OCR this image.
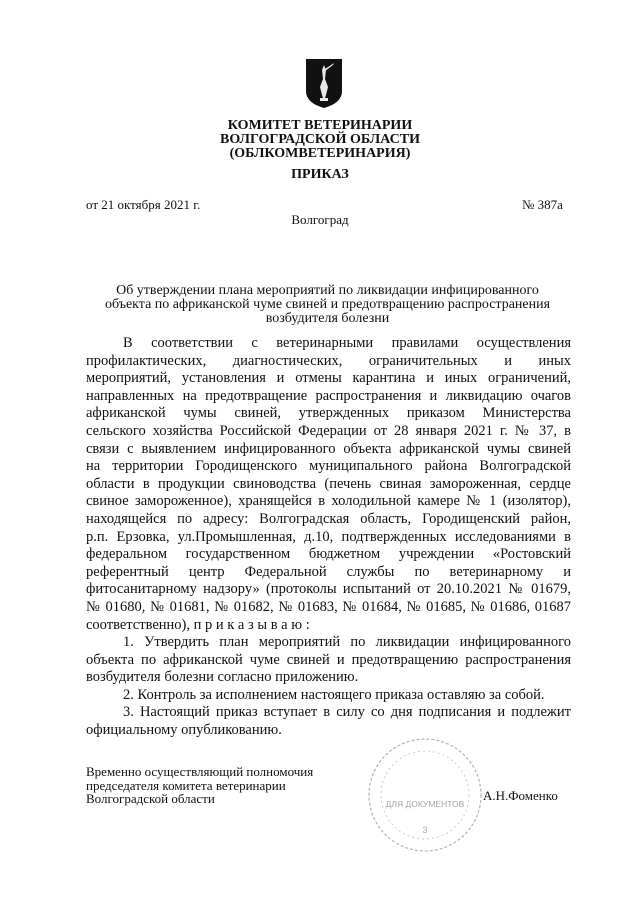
КОМИТЕТ ВЕТЕРИНАРИИ
ВОЛГОГРАДСКОЙ ОБЛАСТИ
(ОБЛКОМВЕТЕРИНАРИЯ)
ПРИКАЗ
от 21 октября 2021 г.	№ 387а
Волгоград
Об утверждении плана мероприятий по ликвидации инфицированного
объекта по африканской чуме свиней и предотвращению распространения
возбудителя болезни
В соответствии с ветеринарными правилами осуществления
профилактических, диагностических, ограничительных и иных
мероприятий, установления и отмены карантина и иных ограничений,
направленных на предотвращение распространения и ликвидацию очагов
африканской чумы свиней, утвержденных приказом Министерства
сельского хозяйства Российской Федерации от 28 января 2021 г. № 37, в
связи с выявлением инфицированного объекта африканской чумы свиней
на территории Городищенского муниципального района Волгоградской
области в продукции свиноводства (печень свиная замороженная, сердце
свиное замороженное), хранящейся в холодильной камере № 1 (изолятор),
находящейся по адресу: Волгоградская область, Городищенский район,
р.п. Ерзовка, ул.Промышленная, д.10, подтвержденных исследованиями в
федеральном государственном бюджетном учреждении «Ростовский
референтный центр Федеральной службы по ветеринарному и
фитосанитарному надзору» (протоколы испытаний от 20.10.2021 № 01679,
№ 01680, № 01681, № 01682, № 01683, № 01684, № 01685, № 01686, 01687
соответственно), п р и к а з ы в а ю :
1. Утвердить план мероприятий по ликвидации инфицированного
объекта по африканской чуме свиней и предотвращению распространения
возбудителя болезни согласно приложению.
2. Контроль за исполнением настоящего приказа оставляю за собой.
3. Настоящий приказ вступает в силу со дня подписания и подлежит
официальному опубликованию.
Временно осуществляющий полномочия
председателя комитета ветеринарии
Волгоградской области	ДЛЯ ДОКУМЕНТОВ
3
А.Н.Фоменко
